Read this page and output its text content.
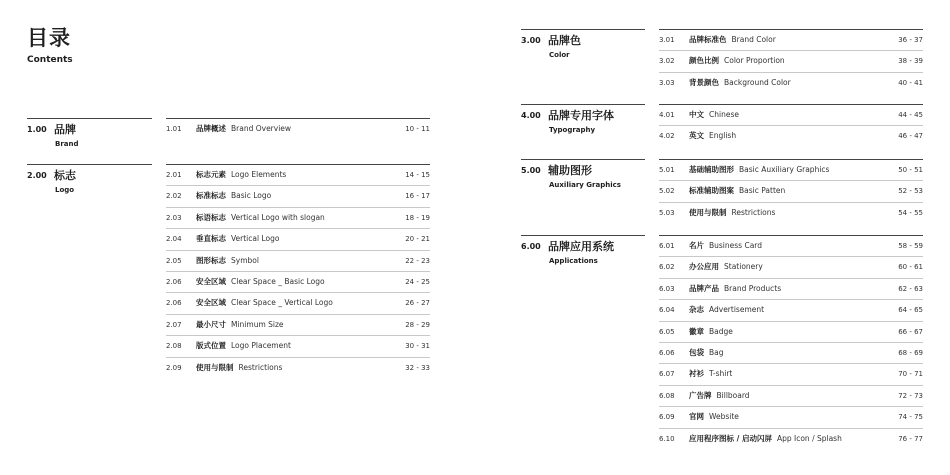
目录
Contents
1.00 品牌
Brand
1.01 品牌概述 Brand Overview	10 - 11
2.00 标志
Logo
2.01 标志元素 Logo Elements	14 - 15
2.02 标准标志 Basic Logo	16 - 17
2.03 标语标志 Vertical Logo with slogan	18 - 19
2.04 垂直标志 Vertical Logo	20 - 21
2.05 图形标志 Symbol	22 - 23
2.06 安全区域 Clear Space _ Basic Logo	24 - 25
2.06 安全区域 Clear Space _ Vertical Logo	26 - 27
2.07 最小尺寸 Minimum Size	28 - 29
2.08 版式位置 Logo Placement	30 - 31
2.09 使用与限制 Restrictions	32 - 33
3.00 品牌色
Color
3.01 品牌标准色 Brand Color	36 - 37
3.02 颜色比例 Color Proportion	38 - 39
3.03 背景颜色 Background Color	40 - 41
4.00 品牌专用字体
Typography
4.01 中文 Chinese	44 - 45
4.02 英文 English	46 - 47
5.00 辅助图形
Auxiliary Graphics
5.01 基础辅助图形 Basic Auxiliary Graphics	50 - 51
5.02 标准辅助图案 Basic Patten	52 - 53
5.03 使用与限制 Restrictions	54 - 55
6.00 品牌应用系统
Applications
6.01 名片 Business Card	58 - 59
6.02 办公应用 Stationery	60 - 61
6.03 品牌产品 Brand Products	62 - 63
6.04 杂志 Advertisement	64 - 65
6.05 徽章 Badge	66 - 67
6.06 包袋 Bag	68 - 69
6.07 衬衫 T-shirt	70 - 71
6.08 广告牌 Billboard	72 - 73
6.09 官网 Website	74 - 75
6.10 应用程序图标 / 启动闪屏 App Icon / Splash	76 - 77
